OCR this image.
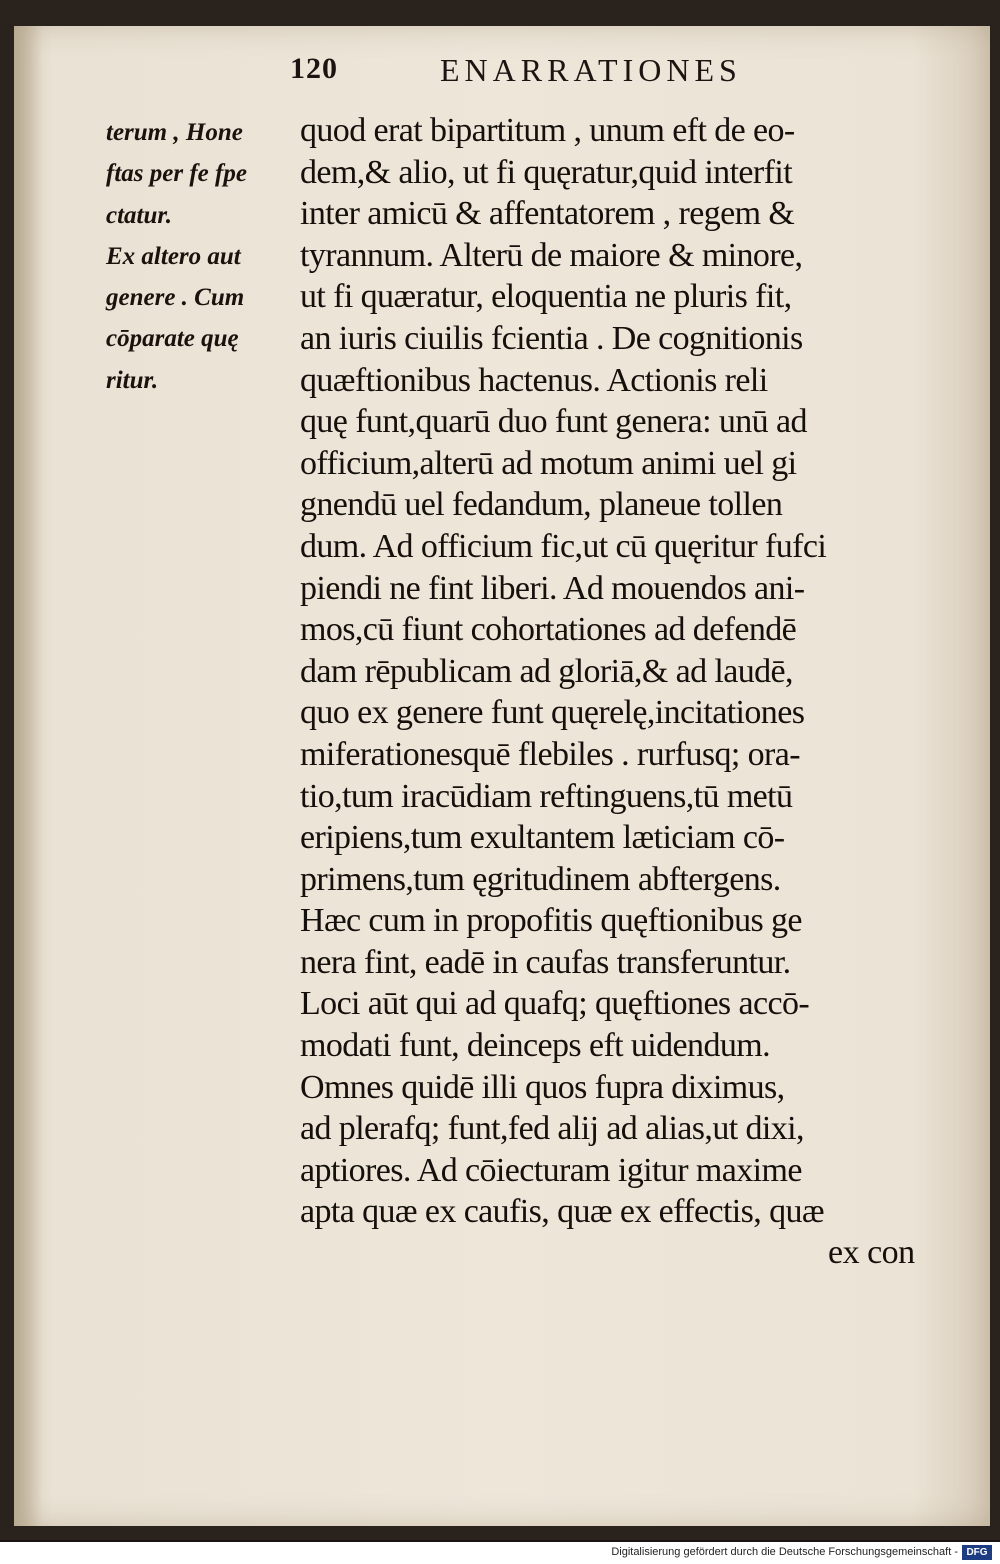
120	ENARRATIONES
terum , Hone
ftas per fe fpe
ctatur.
Ex altero aut
genere . Cum
cōparate quę
ritur.
quod erat bipartitum , unum eft de eo-
dem,& alio, ut fi quęratur,quid interfit
inter amicū & affentatorem , regem &
tyrannum. Alterū de maiore & minore,
ut fi quæratur, eloquentia ne pluris fit,
an iuris ciuilis fcientia . De cognitionis
quæftionibus hactenus. Actionis reli
quę funt,quarū duo funt genera: unū ad
officium,alterū ad motum animi uel gi
gnendū uel fedandum, planeue tollen
dum. Ad officium fic,ut cū quęritur fufci
piendi ne fint liberi. Ad mouendos ani-
mos,cū fiunt cohortationes ad defendē
dam rēpublicam ad gloriā,& ad laudē,
quo ex genere funt quęrelę,incitationes
miferationesquē flebiles . rurfusq; ora-
tio,tum iracūdiam reftinguens,tū metū
eripiens,tum exultantem læticiam cō-
primens,tum ęgritudinem abftergens.
Hæc cum in propofitis quęftionibus ge
nera fint, eadē in caufas transferuntur.
Loci aūt qui ad quafq; quęftiones accō-
modati funt, deinceps eft uidendum.
Omnes quidē illi quos fupra diximus,
ad plerafq; funt,fed alij ad alias,ut dixi,
aptiores. Ad cōiecturam igitur maxime
apta quæ ex caufis, quæ ex effectis, quæ
ex con
Digitalisierung gefördert durch die Deutsche Forschungsgemeinschaft - DFG
